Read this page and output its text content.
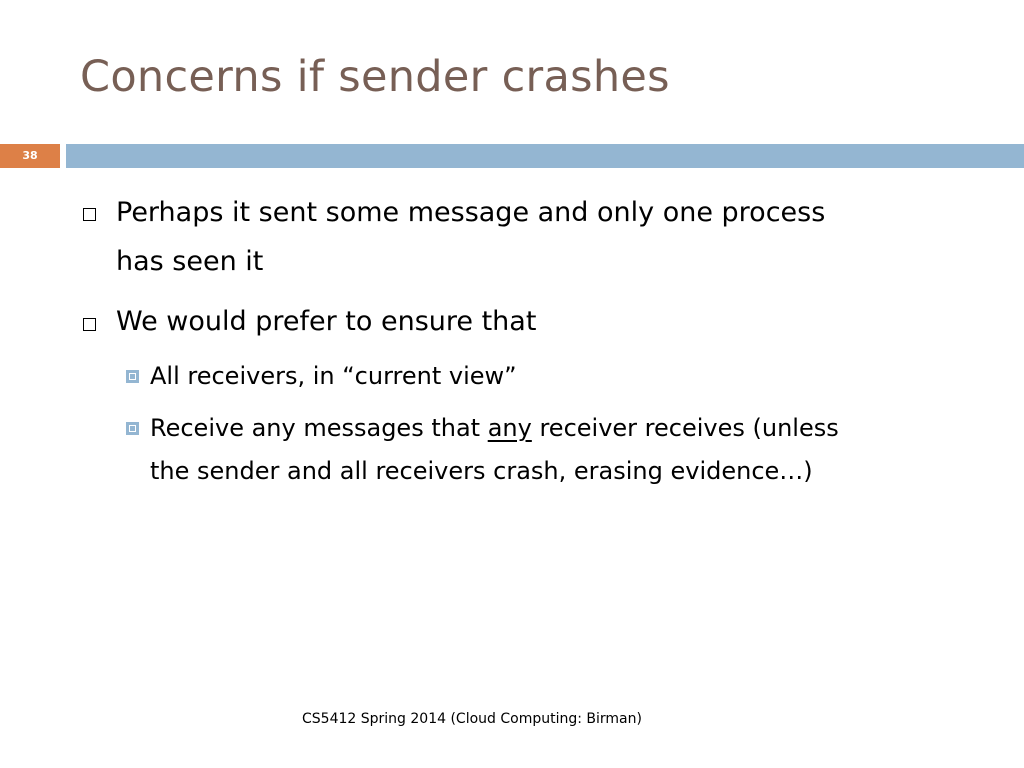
Concerns if sender crashes
38
Perhaps it sent some message and only one process
has seen it
We would prefer to ensure that
All receivers, in “current view”
Receive any messages that any receiver receives (unless
the sender and all receivers crash, erasing evidence…)
CS5412 Spring 2014 (Cloud Computing: Birman)
